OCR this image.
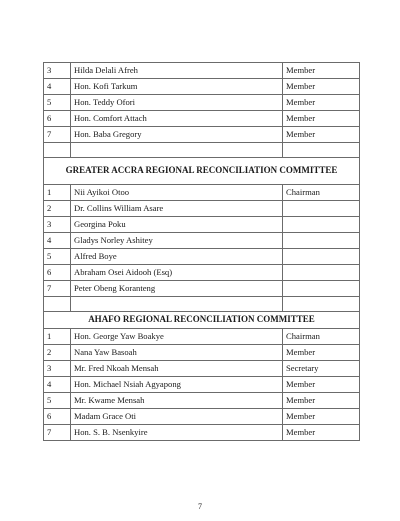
3	Hilda Delali Afreh	Member
4	Hon. Kofi Tarkum	Member
5	Hon. Teddy Ofori	Member
6	Hon. Comfort Attach	Member
7	Hon. Baba Gregory	Member

GREATER ACCRA REGIONAL RECONCILIATION COMMITTEE		
1	Nii Ayikoi Otoo	Chairman
2	Dr. Collins William Asare	
3	Georgina Poku	
4	Gladys Norley Ashitey	
5	Alfred Boye	
6	Abraham Osei Aidooh (Esq)	
7	Peter Obeng Koranteng	

AHAFO REGIONAL RECONCILIATION COMMITTEE		
1	Hon. George Yaw Boakye	Chairman
2	Nana Yaw Basoah	Member
3	Mr. Fred Nkoah Mensah	Secretary
4	Hon. Michael Nsiah Agyapong	Member
5	Mr. Kwame Mensah	Member
6	Madam Grace Oti	Member
7	Hon. S. B. Nsenkyire	Member
7
